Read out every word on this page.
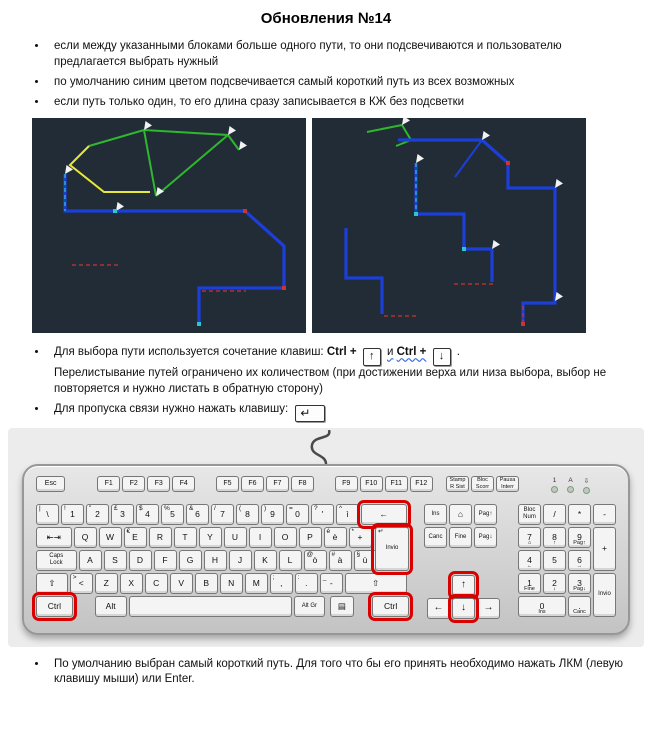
Обновления №14
• если между указанными блоками больше одного пути, то они подсвечиваются и пользователю предлагается выбрать нужный
• по умолчанию синим цветом подсвечивается самый короткий путь из всех возможных
• если путь только один, то его длина сразу записывается в КЖ без подсветки
• Для выбора пути используется сочетание клавиш: Ctrl + ↑ и Ctrl + ↓ .
Перелистывание путей ограничено их количеством (при достижении верха или низа выбора, выбор не повторяется и нужно листать в обратную сторону)
• Для пропуска связи нужно нажать клавишу: ↵
Esc	F1 F2 F3 F4	F5 F6 F7 F8	F9 F10 F11 F12	Stamp
R Sist
Bloc
Scorr
Pausa
Interr
1 A ⇩
|
\
!
1
"
2
£
3
$
4
%
5
&
6
/
7
(
8
)
9
=
0
?
'
^
ì	←
⇤⇥ Q W
€
E R T Y U I O P
é
è
*
+
Caps
Lock	A S D F G H J K L
@
ò
#
à
§
ù
⇧
>
< Z X C V B N M
;
,
:
.
_
-	⇧
Ctrl	Alt	Alt Gr ▤	Ctrl
↵
Invio
Ins ⌂	Pag↑
Canc Fine Pag↓
↑
← ↓ →
Bloc
Num /	*	-
7
⌂
8
↑
9
Pag↑ +
4
←
5 6
→
1
Fine
2
↓
3
Pag↓
Invio
0
Ins
.
Canc
• По умолчанию выбран самый короткий путь. Для того что бы его принять необходимо нажать ЛКМ (левую клавишу мыши) или Enter.
